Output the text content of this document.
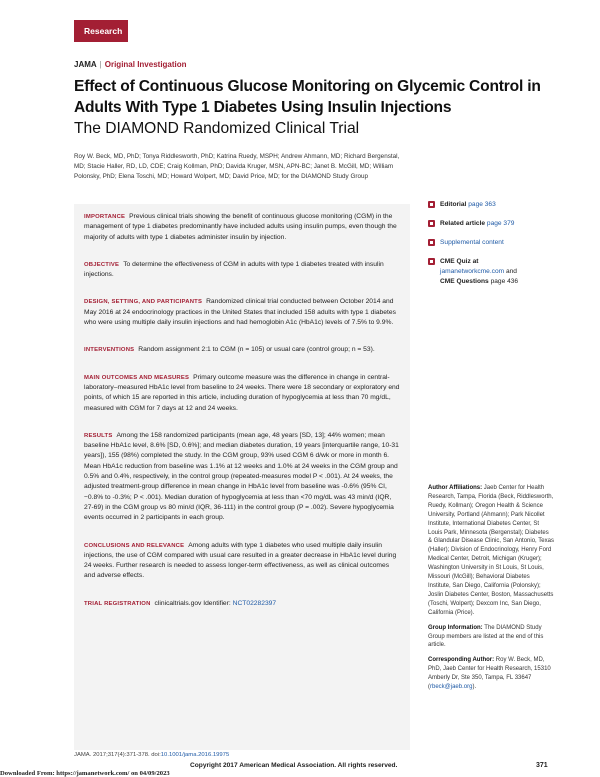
Research
JAMA | Original Investigation
Effect of Continuous Glucose Monitoring on Glycemic Control in Adults With Type 1 Diabetes Using Insulin Injections
The DIAMOND Randomized Clinical Trial
Roy W. Beck, MD, PhD; Tonya Riddlesworth, PhD; Katrina Ruedy, MSPH; Andrew Ahmann, MD; Richard Bergenstal, MD; Stacie Haller, RD, LD, CDE; Craig Kollman, PhD; Davida Kruger, MSN, APN-BC; Janet B. McGill, MD; William Polonsky, PhD; Elena Toschi, MD; Howard Wolpert, MD; David Price, MD; for the DIAMOND Study Group

IMPORTANCE Previous clinical trials showing the benefit of continuous glucose monitoring (CGM) in the management of type 1 diabetes predominantly have included adults using insulin pumps, even though the majority of adults with type 1 diabetes administer insulin by injection.

OBJECTIVE To determine the effectiveness of CGM in adults with type 1 diabetes treated with insulin injections.

DESIGN, SETTING, AND PARTICIPANTS Randomized clinical trial conducted between October 2014 and May 2016 at 24 endocrinology practices in the United States that included 158 adults with type 1 diabetes who were using multiple daily insulin injections and had hemoglobin A1c (HbA1c) levels of 7.5% to 9.9%.

INTERVENTIONS Random assignment 2:1 to CGM (n = 105) or usual care (control group; n = 53).

MAIN OUTCOMES AND MEASURES Primary outcome measure was the difference in change in central-laboratory–measured HbA1c level from baseline to 24 weeks. There were 18 secondary or exploratory end points, of which 15 are reported in this article, including duration of hypoglycemia at less than 70 mg/dL, measured with CGM for 7 days at 12 and 24 weeks.

RESULTS Among the 158 randomized participants (mean age, 48 years [SD, 13]; 44% women; mean baseline HbA1c level, 8.6% [SD, 0.6%]; and median diabetes duration, 19 years [interquartile range, 10-31 years]), 155 (98%) completed the study. In the CGM group, 93% used CGM 6 d/wk or more in month 6. Mean HbA1c reduction from baseline was 1.1% at 12 weeks and 1.0% at 24 weeks in the CGM group and 0.5% and 0.4%, respectively, in the control group (repeated-measures model P < .001). At 24 weeks, the adjusted treatment-group difference in mean change in HbA1c level from baseline was -0.6% (95% CI, −0.8% to -0.3%; P < .001). Median duration of hypoglycemia at less than <70 mg/dL was 43 min/d (IQR, 27-69) in the CGM group vs 80 min/d (IQR, 36-111) in the control group (P = .002). Severe hypoglycemia events occurred in 2 participants in each group.

CONCLUSIONS AND RELEVANCE Among adults with type 1 diabetes who used multiple daily insulin injections, the use of CGM compared with usual care resulted in a greater decrease in HbA1c level during 24 weeks. Further research is needed to assess longer-term effectiveness, as well as clinical outcomes and adverse effects.

TRIAL REGISTRATION clinicaltrials.gov Identifier: NCT02282397

Editorial page 363
Related article page 379
Supplemental content
CME Quiz at
jamanetworkcme.com and
CME Questions page 436

Author Affiliations: Jaeb Center for Health Research, Tampa, Florida (Beck, Riddlesworth, Ruedy, Kollman); Oregon Health & Science University, Portland (Ahmann); Park Nicollet Institute, International Diabetes Center, St Louis Park, Minnesota (Bergenstal); Diabetes & Glandular Disease Clinic, San Antonio, Texas (Haller); Division of Endocrinology, Henry Ford Medical Center, Detroit, Michigan (Kruger); Washington University in St Louis, St Louis, Missouri (McGill); Behavioral Diabetes Institute, San Diego, California (Polonsky); Joslin Diabetes Center, Boston, Massachusetts (Toschi, Wolpert); Dexcom Inc, San Diego, California (Price).

Group Information: The DIAMOND Study Group members are listed at the end of this article.

Corresponding Author: Roy W. Beck, MD, PhD, Jaeb Center for Health Research, 15310 Amberly Dr, Ste 350, Tampa, FL 33647 (rbeck@jaeb.org).

JAMA. 2017;317(4):371-378. doi:10.1001/jama.2016.19975
Copyright 2017 American Medical Association. All rights reserved.	371
Downloaded From: https://jamanetwork.com/ on 04/09/2023
